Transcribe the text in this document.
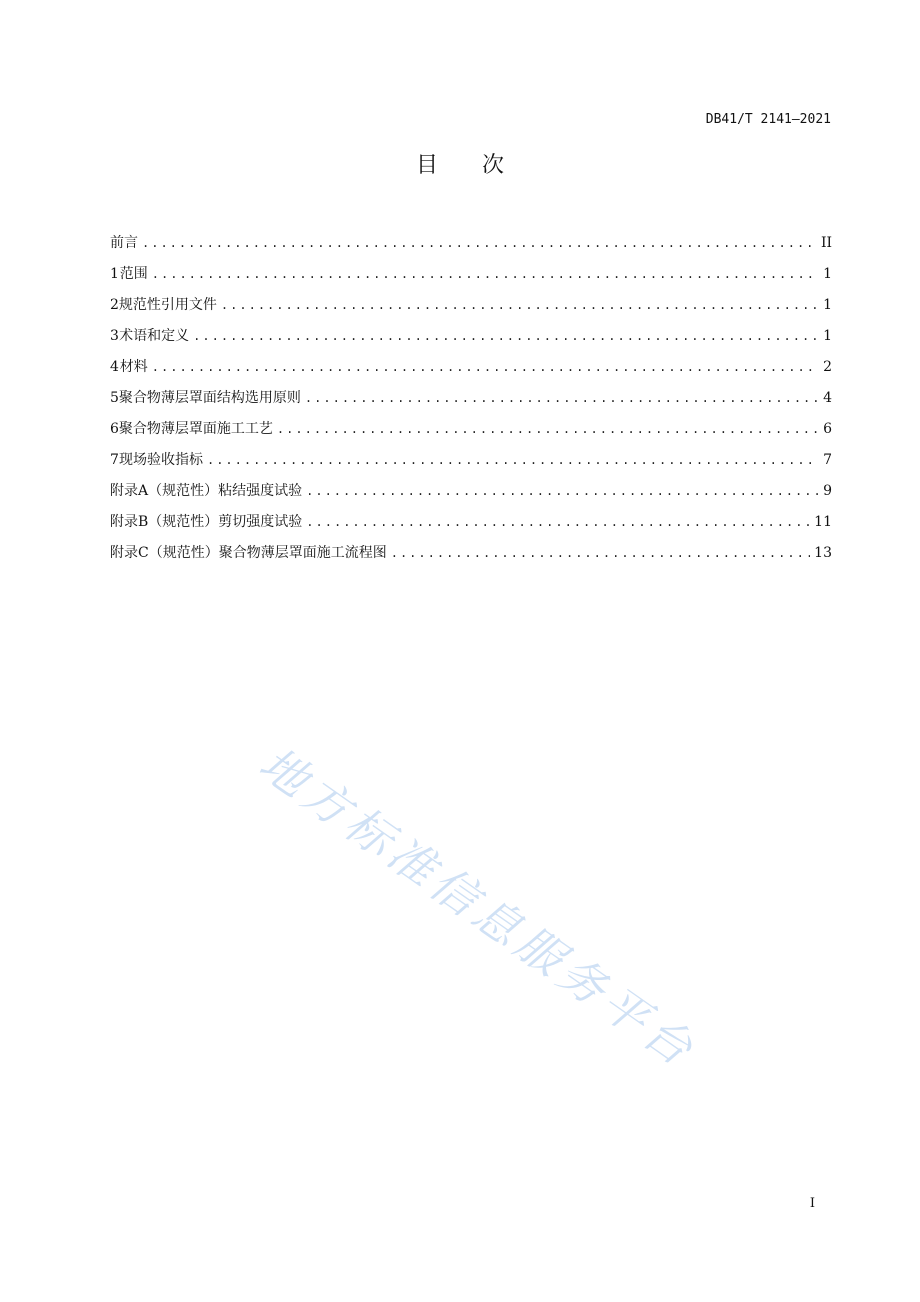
DB41/T 2141—2021
目次
前言 .....	II
1 范围 .....	1
2 规范性引用文件 .....	1
3 术语和定义 .....	1
4 材料 .....	2
5 聚合物薄层罩面结构选用原则 .....	4
6 聚合物薄层罩面施工工艺 .....	6
7 现场验收指标 .....	7
附录A（规范性） 粘结强度试验 .....	9
附录B（规范性） 剪切强度试验 .....	11
附录C（规范性） 聚合物薄层罩面施工流程图 .....	13
地方标准信息服务平台
I
